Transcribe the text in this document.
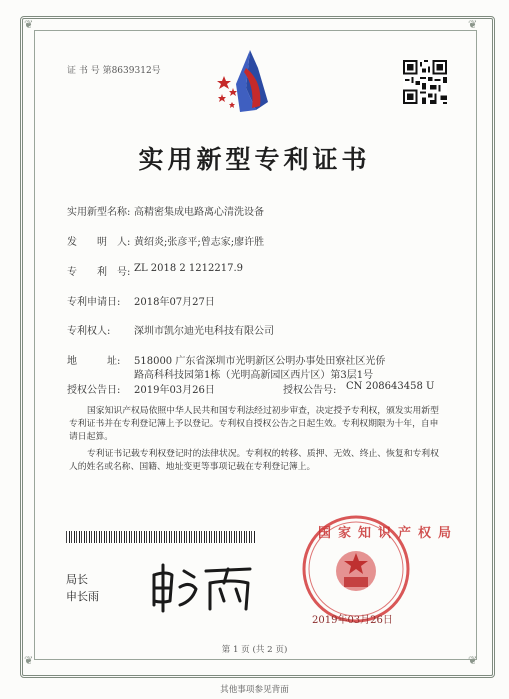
❦	❦
❦	❦
证 书 号 第8639312号
实用新型专利证书
实用新型名称: 高精密集成电路离心清洗设备
发　　明　人: 黄绍炎;张彦平;曾志家;廖许胜
专　　利　号: ZL 2018 2 1212217.9
专利申请日: 2018年07月27日
专利权人: 深圳市凯尔迪光电科技有限公司
地　　　址: 518000 广东省深圳市光明新区公明办事处田寮社区光侨
路高科科技园第1栋（光明高新园区西片区）第3层1号
授权公告日: 2019年03月26日	授权公告号: CN 208643458 U
国家知识产权局依照中华人民共和国专利法经过初步审查，决定授予专利权，颁发实用新型专利证书并在专利登记簿上予以登记。专利权自授权公告之日起生效。专利权期限为十年，自申请日起算。
专利证书记载专利权登记时的法律状况。专利权的转移、质押、无效、终止、恢复和专利权人的姓名或名称、国籍、地址变更等事项记载在专利登记簿上。
局长
申长雨
国家知识产权局
2019年03月26日
第 1 页 (共 2 页)
其他事项参见背面
